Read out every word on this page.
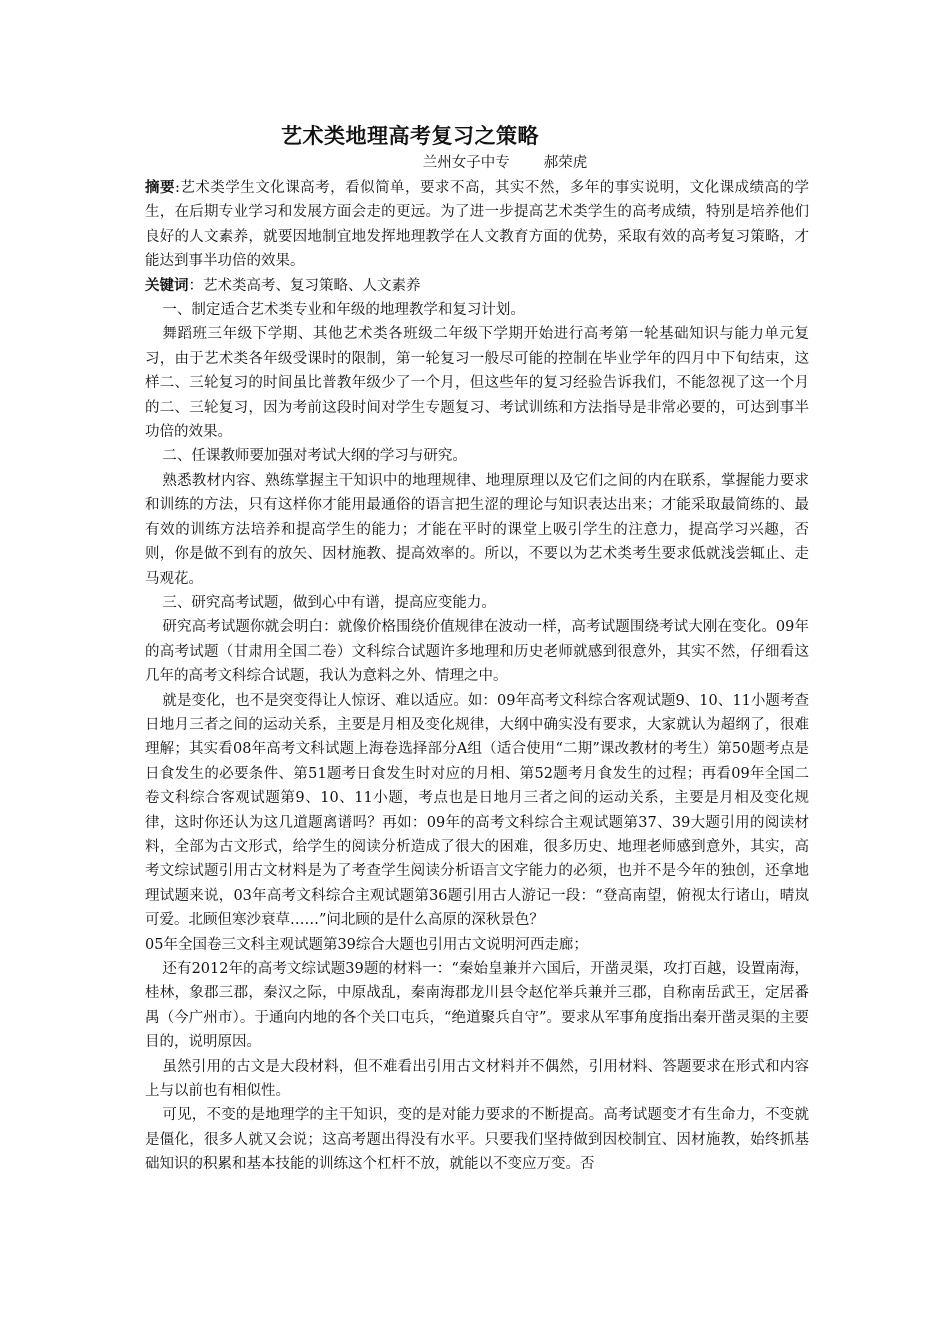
艺术类地理高考复习之策略
兰州女子中专 郝荣虎

摘要:艺术类学生文化课高考，看似简单，要求不高，其实不然，多年的事实说明，文化课成绩高的学生，在后期专业学习和发展方面会走的更远。为了进一步提高艺术类学生的高考成绩，特别是培养他们良好的人文素养，就要因地制宜地发挥地理教学在人文教育方面的优势，采取有效的高考复习策略，才能达到事半功倍的效果。

关键词：艺术类高考、复习策略、人文素养

一、制定适合艺术类专业和年级的地理教学和复习计划。

舞蹈班三年级下学期、其他艺术类各班级二年级下学期开始进行高考第一轮基础知识与能力单元复习，由于艺术类各年级受课时的限制，第一轮复习一般尽可能的控制在毕业学年的四月中下旬结束，这样二、三轮复习的时间虽比普教年级少了一个月，但这些年的复习经验告诉我们，不能忽视了这一个月的二、三轮复习，因为考前这段时间对学生专题复习、考试训练和方法指导是非常必要的，可达到事半功倍的效果。

二、任课教师要加强对考试大纲的学习与研究。

熟悉教材内容、熟练掌握主干知识中的地理规律、地理原理以及它们之间的内在联系，掌握能力要求和训练的方法，只有这样你才能用最通俗的语言把生涩的理论与知识表达出来；才能采取最简练的、最有效的训练方法培养和提高学生的能力；才能在平时的课堂上吸引学生的注意力，提高学习兴趣，否则，你是做不到有的放矢、因材施教、提高效率的。所以，不要以为艺术类考生要求低就浅尝辄止、走马观花。

三、研究高考试题，做到心中有谱，提高应变能力。

研究高考试题你就会明白：就像价格围绕价值规律在波动一样，高考试题围绕考试大刚在变化。09年的高考试题（甘肃用全国二卷）文科综合试题许多地理和历史老师就感到很意外，其实不然，仔细看这几年的高考文科综合试题，我认为意料之外、情理之中。

就是变化，也不是突变得让人惊讶、难以适应。如：09年高考文科综合客观试题9、10、11小题考查日地月三者之间的运动关系，主要是月相及变化规律，大纲中确实没有要求，大家就认为超纲了，很难理解；其实看08年高考文科试题上海卷选择部分A组（适合使用“二期”课改教材的考生）第50题考点是日食发生的必要条件、第51题考日食发生时对应的月相、第52题考月食发生的过程；再看09年全国二卷文科综合客观试题第9、10、11小题，考点也是日地月三者之间的运动关系，主要是月相及变化规律，这时你还认为这几道题离谱吗？再如：09年的高考文科综合主观试题第37、39大题引用的阅读材料，全部为古文形式，给学生的阅读分析造成了很大的困难，很多历史、地理老师感到意外，其实，高考文综试题引用古文材料是为了考查学生阅读分析语言文字能力的必须，也并不是今年的独创，还拿地理试题来说，03年高考文科综合主观试题第36题引用古人游记一段：“登高南望，俯视太行诸山，晴岚可爱。北顾但寒沙衰草……”问北顾的是什么高原的深秋景色？

05年全国卷三文科主观试题第39综合大题也引用古文说明河西走廊；

还有2012年的高考文综试题39题的材料一：“秦始皇兼并六国后，开凿灵渠，攻打百越，设置南海，桂林，象郡三郡，秦汉之际，中原战乱，秦南海郡龙川县令赵佗举兵兼并三郡，自称南岳武王，定居番禺（今广州市）。于通向内地的各个关口屯兵，“绝道聚兵自守”。要求从军事角度指出秦开凿灵渠的主要目的，说明原因。

虽然引用的古文是大段材料，但不难看出引用古文材料并不偶然，引用材料、答题要求在形式和内容上与以前也有相似性。

可见，不变的是地理学的主干知识，变的是对能力要求的不断提高。高考试题变才有生命力，不变就是僵化，很多人就又会说；这高考题出得没有水平。只要我们坚持做到因校制宜、因材施教，始终抓基础知识的积累和基本技能的训练这个杠杆不放，就能以不变应万变。否
